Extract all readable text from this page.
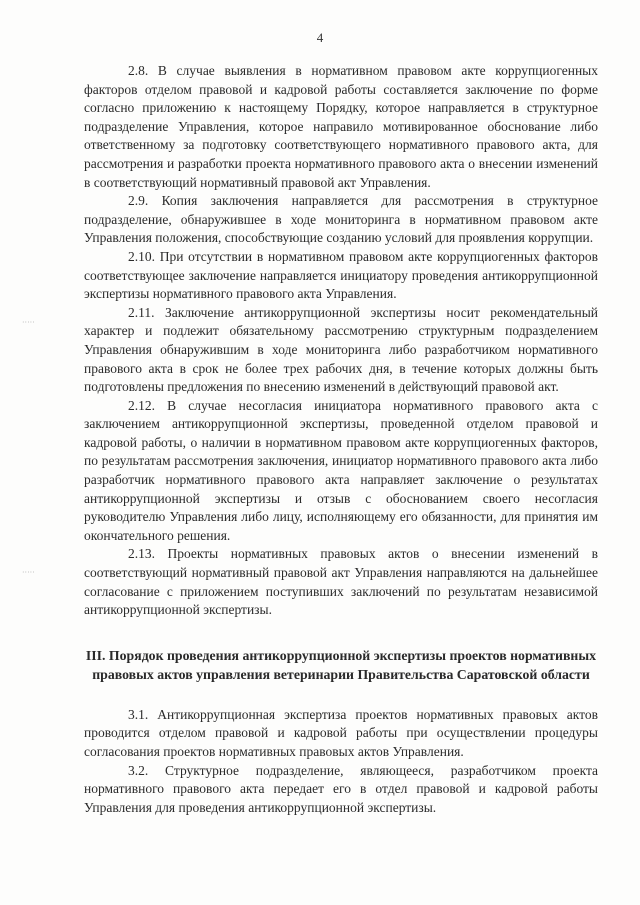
4
·····
·····

2.8. В случае выявления в нормативном правовом акте коррупциогенных факторов отделом правовой и кадровой работы составляется заключение по форме согласно приложению к настоящему Порядку, которое направляется в структурное подразделение Управления, которое направило мотивированное обоснование либо ответственному за подготовку соответствующего нормативного правового акта, для рассмотрения и разработки проекта нормативного правового акта о внесении изменений в соответствующий нормативный правовой акт Управления.

2.9. Копия заключения направляется для рассмотрения в структурное подразделение, обнаружившее в ходе мониторинга в нормативном правовом акте Управления положения, способствующие созданию условий для проявления коррупции.

2.10. При отсутствии в нормативном правовом акте коррупциогенных факторов соответствующее заключение направляется инициатору проведения антикоррупционной экспертизы нормативного правового акта Управления.

2.11. Заключение антикоррупционной экспертизы носит рекомендательный характер и подлежит обязательному рассмотрению структурным подразделением Управления обнаружившим в ходе мониторинга либо разработчиком нормативного правового акта в срок не более трех рабочих дня, в течение которых должны быть подготовлены предложения по внесению изменений в действующий правовой акт.

2.12. В случае несогласия инициатора нормативного правового акта с заключением антикоррупционной экспертизы, проведенной отделом правовой и кадровой работы, о наличии в нормативном правовом акте коррупциогенных факторов, по результатам рассмотрения заключения, инициатор нормативного правового акта либо разработчик нормативного правового акта направляет заключение о результатах антикоррупционной экспертизы и отзыв с обоснованием своего несогласия руководителю Управления либо лицу, исполняющему его обязанности, для принятия им окончательного решения.

2.13. Проекты нормативных правовых актов о внесении изменений в соответствующий нормативный правовой акт Управления направляются на дальнейшее согласование с приложением поступивших заключений по результатам независимой антикоррупционной экспертизы.

III. Порядок проведения антикоррупционной экспертизы проектов нормативных правовых актов управления ветеринарии Правительства Саратовской области

3.1. Антикоррупционная экспертиза проектов нормативных правовых актов проводится отделом правовой и кадровой работы при осуществлении процедуры согласования проектов нормативных правовых актов Управления.

3.2. Структурное подразделение, являющееся, разработчиком проекта нормативного правового акта передает его в отдел правовой и кадровой работы Управления для проведения антикоррупционной экспертизы.
